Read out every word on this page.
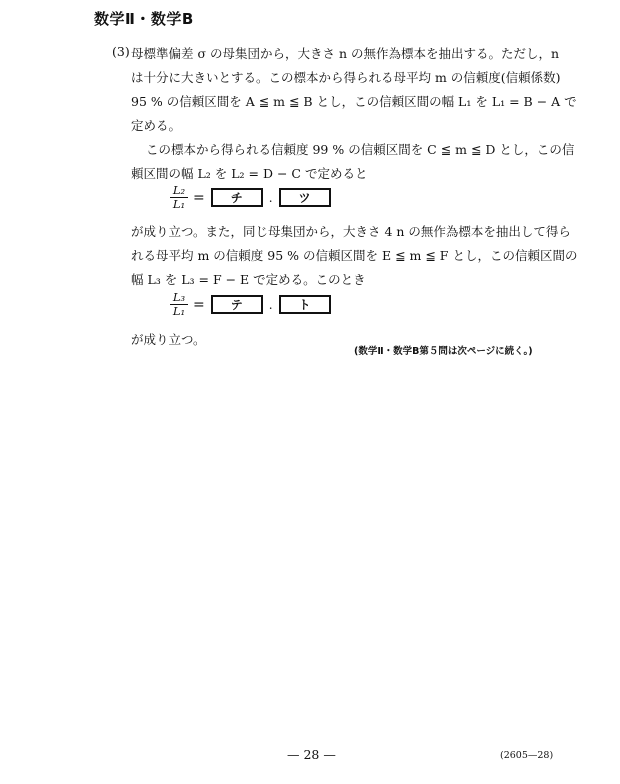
数学Ⅱ・数学B
(3) 母標準偏差 σ の母集団から，大きさ n の無作為標本を抽出する。ただし，n
は十分に大きいとする。この標本から得られる母平均 m の信頼度(信頼係数)
95 % の信頼区間を A ≦ m ≦ B とし，この信頼区間の幅 L₁ を L₁ = B − A で
定める。
この標本から得られる信頼度 99 % の信頼区間を C ≦ m ≦ D とし，この信
頼区間の幅 L₂ を L₂ = D − C で定めると
$\frac{\text{L₂}}{\text{L₁}}$ =	チ	.	ツ
が成り立つ。また，同じ母集団から，大きさ 4 n の無作為標本を抽出して得ら
れる母平均 m の信頼度 95 % の信頼区間を E ≦ m ≦ F とし，この信頼区間の
幅 L₃ を L₃ = F − E で定める。このとき
$\frac{\text{L₃}}{\text{L₁}}$ =	テ	.	ト
が成り立つ。
(数学Ⅱ・数学B第５問は次ページに続く。)
— 28 —	(2605—28)
